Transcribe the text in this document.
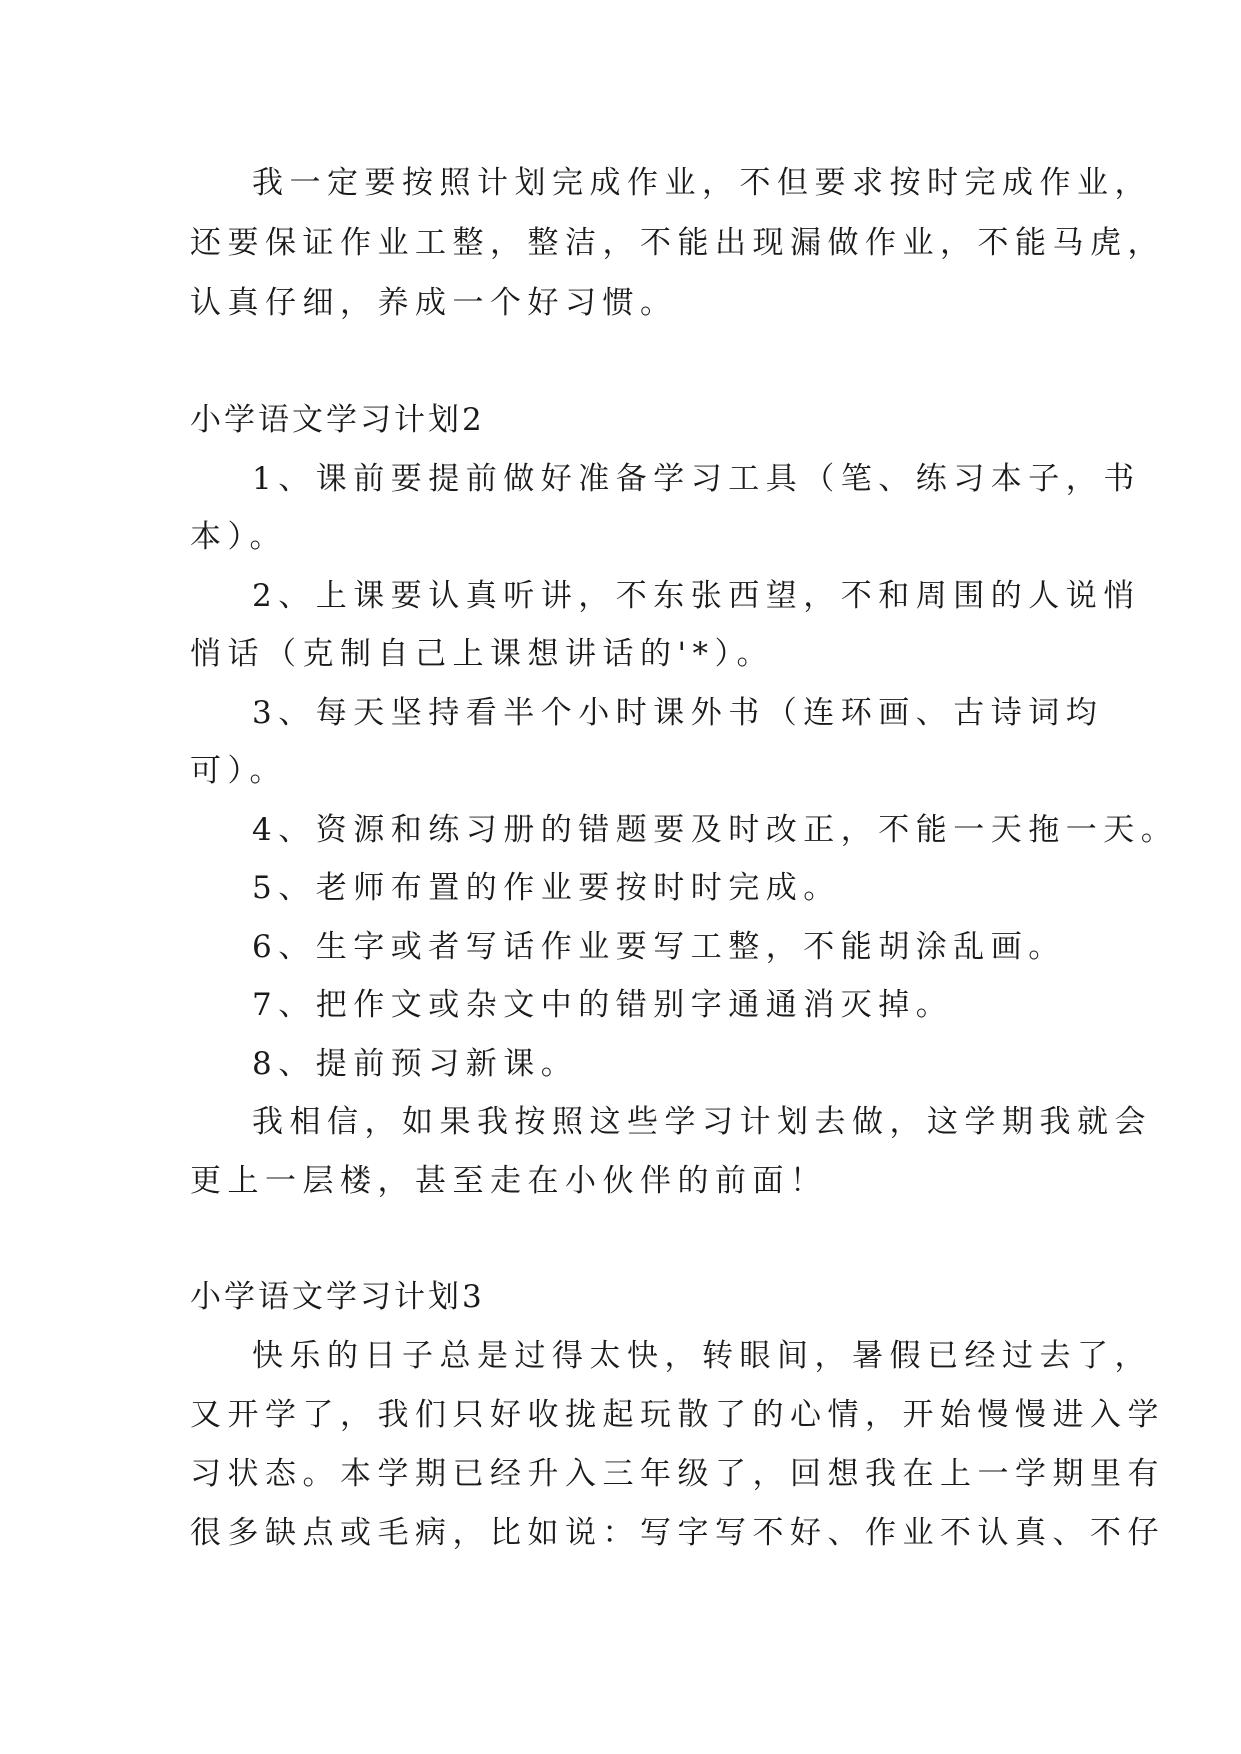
我一定要按照计划完成作业，不但要求按时完成作业，
还要保证作业工整，整洁，不能出现漏做作业，不能马虎，
认真仔细，养成一个好习惯。
小学语文学习计划2
1、课前要提前做好准备学习工具（笔、练习本子，书
本）。
2、上课要认真听讲，不东张西望，不和周围的人说悄
悄话（克制自己上课想讲话的'*）。
3、每天坚持看半个小时课外书（连环画、古诗词均
可）。
4、资源和练习册的错题要及时改正，不能一天拖一天。
5、老师布置的作业要按时时完成。
6、生字或者写话作业要写工整，不能胡涂乱画。
7、把作文或杂文中的错别字通通消灭掉。
8、提前预习新课。
我相信，如果我按照这些学习计划去做，这学期我就会
更上一层楼，甚至走在小伙伴的前面！
小学语文学习计划3
快乐的日子总是过得太快，转眼间，暑假已经过去了，
又开学了，我们只好收拢起玩散了的心情，开始慢慢进入学
习状态。本学期已经升入三年级了，回想我在上一学期里有
很多缺点或毛病，比如说：写字写不好、作业不认真、不仔
